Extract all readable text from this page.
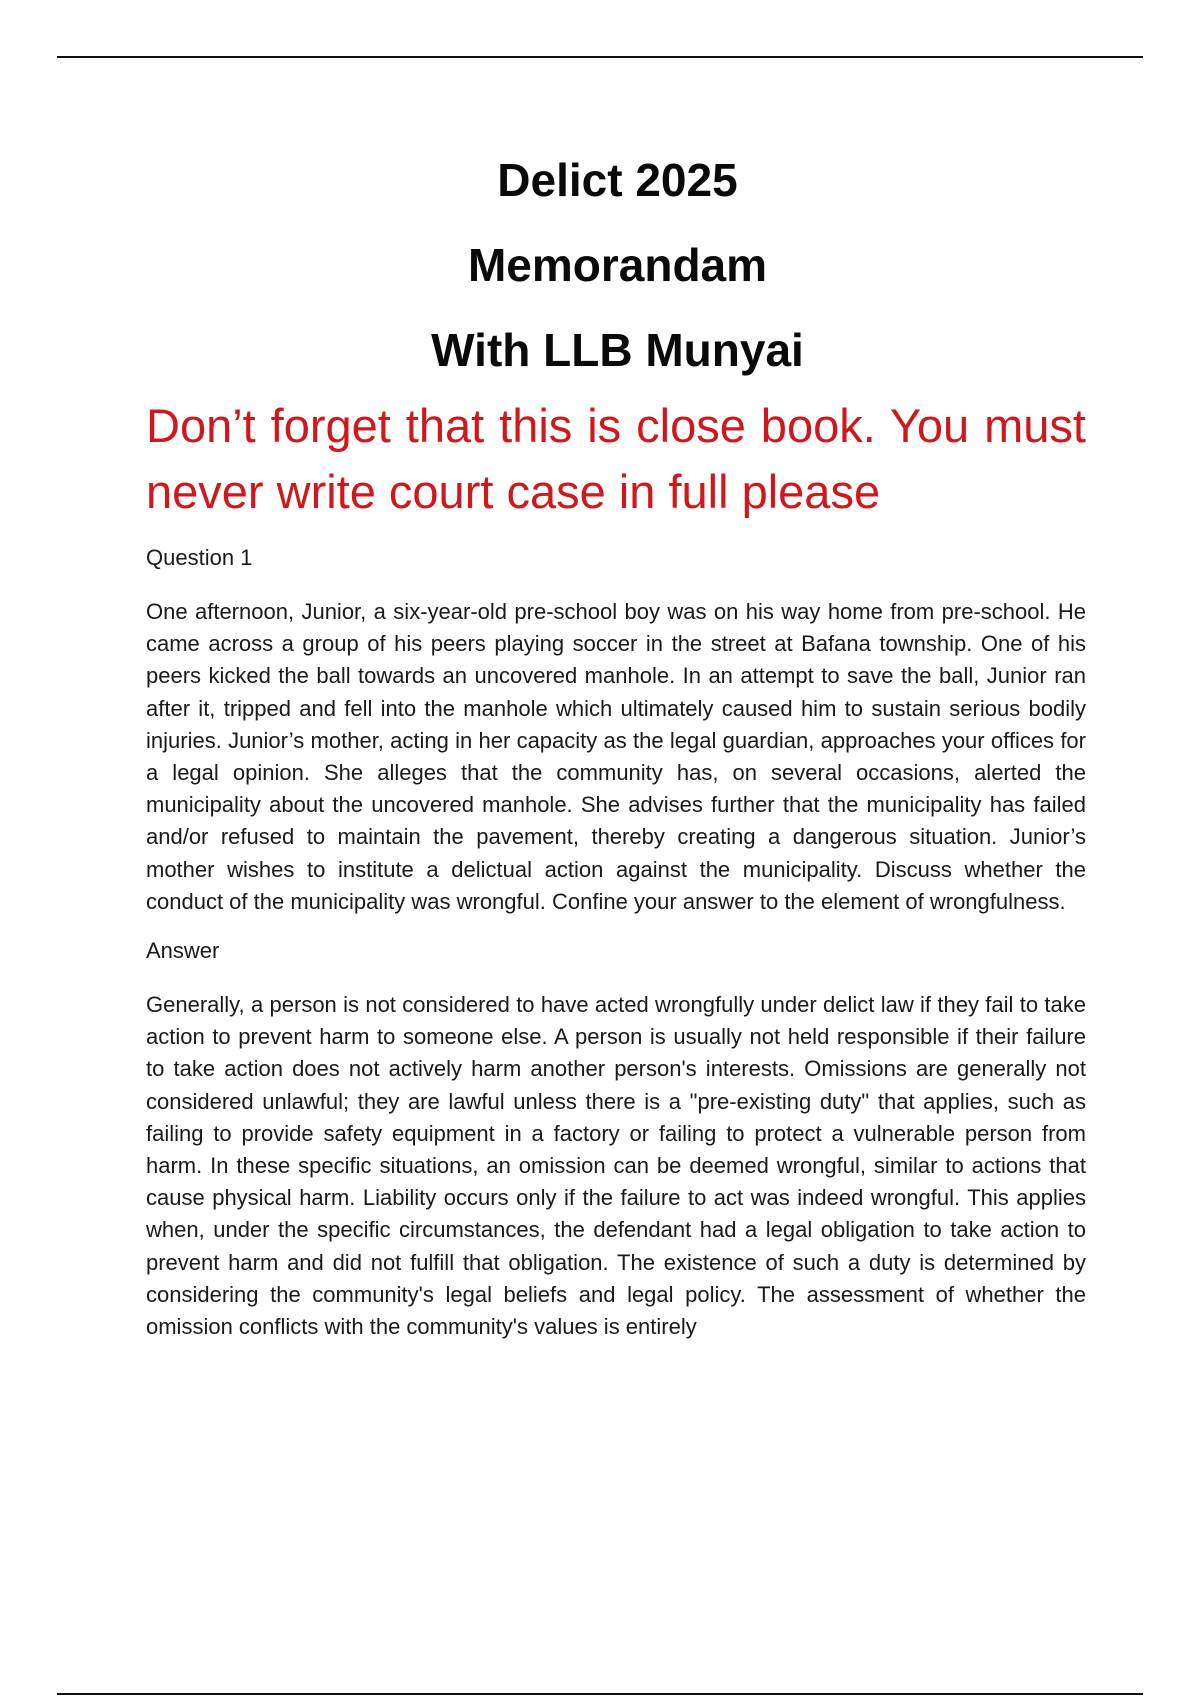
Delict 2025
Memorandam
With LLB Munyai

Don’t forget that this is close book. You must never write court case in full please

Question 1

One afternoon, Junior, a six-year-old pre-school boy was on his way home from pre-school. He came across a group of his peers playing soccer in the street at Bafana township. One of his peers kicked the ball towards an uncovered manhole. In an attempt to save the ball, Junior ran after it, tripped and fell into the manhole which ultimately caused him to sustain serious bodily injuries. Junior’s mother, acting in her capacity as the legal guardian, approaches your offices for a legal opinion. She alleges that the community has, on several occasions, alerted the municipality about the uncovered manhole. She advises further that the municipality has failed and/or refused to maintain the pavement, thereby creating a dangerous situation. Junior’s mother wishes to institute a delictual action against the municipality. Discuss whether the conduct of the municipality was wrongful. Confine your answer to the element of wrongfulness.

Answer

Generally, a person is not considered to have acted wrongfully under delict law if they fail to take action to prevent harm to someone else. A person is usually not held responsible if their failure to take action does not actively harm another person's interests. Omissions are generally not considered unlawful; they are lawful unless there is a "pre-existing duty" that applies, such as failing to provide safety equipment in a factory or failing to protect a vulnerable person from harm. In these specific situations, an omission can be deemed wrongful, similar to actions that cause physical harm. Liability occurs only if the failure to act was indeed wrongful. This applies when, under the specific circumstances, the defendant had a legal obligation to take action to prevent harm and did not fulfill that obligation. The existence of such a duty is determined by considering the community's legal beliefs and legal policy. The assessment of whether the omission conflicts with the community's values is entirely
